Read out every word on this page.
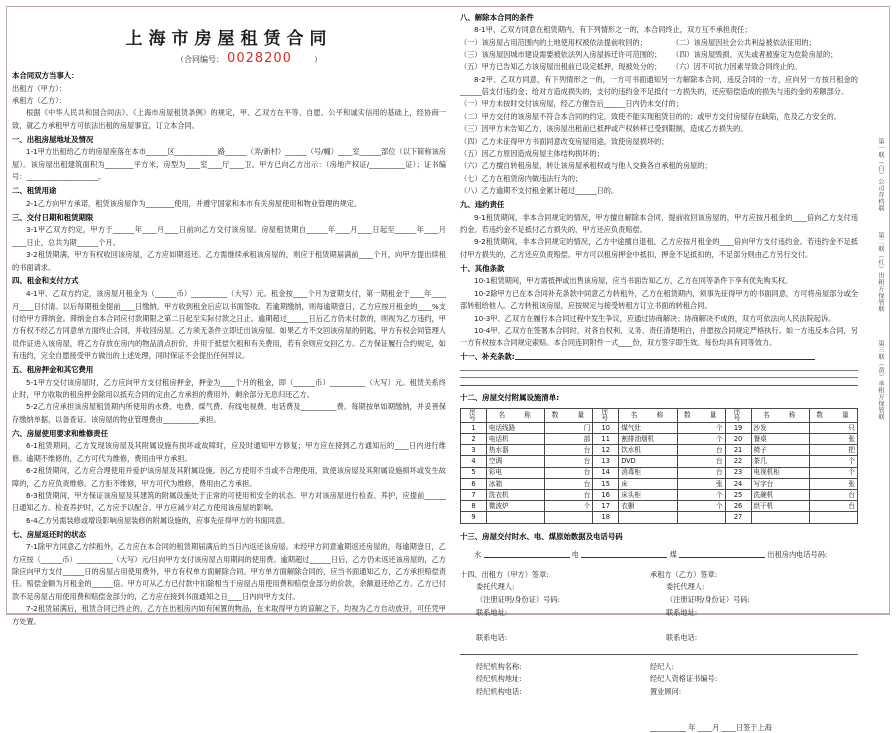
上海市房屋租赁合同
（合同编号： 0028200	）
本合同双方当事人：
出租方（甲方）：
承租方（乙方）：
根据《中华人民共和国合同法》、《上海市房屋租赁条例》的规定，甲、乙双方在平等、自愿、公平和诚实信用的基础上，经协商一致，就乙方承租甲方可依法出租的房屋事宜，订立本合同。
一、出租房屋地址及情况
1-1甲方出租给乙方的房屋座落在本市______区____________路______（弄/新村）______（号/幢）____室______部位（以下简称该房屋）。该房屋出租建筑面积为________平方米，房型为____室____厅____卫。甲方已向乙方出示：（房地产权证/__________证）；证书编号：____________________。
二、租赁用途
2-1乙方向甲方承诺，租赁该房屋作为________使用，并遵守国家和本市有关房屋使用和物业管理的规定。
三、交付日期和租赁期限
3-1甲乙双方约定，甲方于______年____月____日前向乙方交付该房屋。房屋租赁期自______年____月____日起至______年____月____日止，总共为期______个月。
3-2租赁期满，甲方有权收回该房屋，乙方应如期返还。乙方需继续承租该房屋的，则应于租赁期届满前____个月，向甲方提出续租的书面请求。
四、租金和支付方式
4-1甲、乙双方约定，该房屋月租金为（______币）__________（大写）元。租金按____个月为壹期支付，第一期租金于____年____月____日付清。以后每期租金提前____日缴纳，甲方收到租金后应以书面签收。若逾期缴纳，则每逾期壹日，乙方应按月租金的____%支付给甲方滞纳金。滞纳金自本合同应付款期限之第二日起至实际付款之日止。逾期超过______日后乙方仍未付款的，则视为乙方违约，甲方有权不经乙方同意单方面终止合同，并收回房屋。乙方须无条件立即迁出该房屋。如果乙方不交回该房屋的钥匙，甲方有权会同管理人员作证进入该房屋，将乙方存放在房内的物品清点折价，并用于抵偿欠租和有关费用，若有余则应交回乙方。乙方保证履行合约规定，如有违约，完全自愿接受甲方做出的上述处理，同时保证不会提出任何异议。
五、租房押金和其它费用
5-1甲方交付该房屋时，乙方应向甲方支付租房押金，押金为____个月的租金，即（______币）__________（大写）元。租赁关系终止时，甲方收取的租房押金除用以抵充合同的定由乙方承担的费用外，剩余部分无息归还乙方。
5-2乙方应承担该房屋租赁期内所使用的水费、电费、煤气费、有线电视费、电话费及__________费。每期按单如期缴纳，并妥善保存缴纳单据，以备查证。该房屋的物业管理费由__________承担。
六、房屋使用要求和维修责任
6-1租赁期间，乙方发现该房屋及其附属设施有损坏或故障时，应及时通知甲方修复；甲方应在接到乙方通知后的____日内进行维修。逾期不维修的，乙方可代为维修，费用由甲方承担。
6-2租赁期间，乙方应合理使用并爱护该房屋及其附属设施。因乙方使用不当或不合理使用，致使该房屋及其附属设施损坏或发生故障的，乙方应负责维修。乙方拒不维修，甲方可代为维修，费用由乙方承担。
6-3租赁期间，甲方保证该房屋及其建筑的附属设施处于正常的可使用和安全的状态。甲方对该房屋进行检查、养护，应提前______日通知乙方。检查养护时，乙方应予以配合。甲方应减少对乙方使用该房屋的影响。
6-4乙方另需装修或增设影响房屋装修的附属设施的，应事先征得甲方的书面同意。
七、房屋返还时的状态
7-1除甲方同意乙方续租外，乙方应在本合同的租赁期届满后的当日内返还该房屋。未经甲方同意逾期返还房屋的，每逾期壹日，乙方应按（______币）__________（大写）元/日向甲方支付该房屋占用期间的使用费。逾期超过______日后，乙方仍未返还该房屋的，乙方除应向甲方支付______日的房屋占用使用费外，甲方有权单方面解除合同。甲方单方面解除合同的，应当书面通知乙方，乙方承担赔偿责任。赔偿金额为月租金的______倍。甲方可从乙方已付款中扣除相当于房屋占用使用费和赔偿金部分的价款，余额退还给乙方。乙方已付款不足房屋占用使用费和赔偿金部分的，乙方应在接到书面通知之日____日内向甲方支付。
7-2租赁届满后，租赁合同已终止的，乙方在出租房内如有闲置的物品，在未取得甲方的谅解之下，均视为乙方自动放开，可任凭甲方处置。
八、解除本合同的条件
8-1甲、乙双方同意在租赁期内，有下列情形之一的，本合同终止，双方互不承担责任；
（一）该房屋占用范围内的土地使用权被依法提前收回的；	（二）该房屋因社会公共利益被依法征用的；
（三）该房屋因城市建设需要被依法列入房屋拆迁许可范围的； （四）该房屋毁损、灭失或者被鉴定为危险房屋的；
（五）甲方已告知乙方该房屋出租前已设定抵押，现被处分的； （六）因不可抗力因素导致合同终止的。
8-2甲、乙双方同意，有下列情形之一的，一方可书面通知另一方解除本合同，违反合同的一方，应向另一方按月租金的______倍支付违约金；给对方造成损失的，支付的违约金不足抵付一方损失的，还应赔偿造成的损失与违约金的差额部分。
（一）甲方未按时交付该房屋，经乙方催告后______日内仍未交付的；
（二）甲方交付的该房屋不符合本合同的约定，致使不能实现租赁目的的；或甲方交付房屋存在缺陷，危及乙方安全的。
（三）因甲方未告知乙方，该房屋出租前已抵押或产权转移已受到限制，造成乙方损失的。
（四）乙方未征得甲方书面同意改变房屋用途，致使房屋损坏的；
（五）因乙方原因造成房屋主体结构损坏的；
（六）乙方擅自转租房屋，转让该房屋承租权或与他人交换各自承租的房屋的；
（七）乙方在租赁房内做违法行为的；
（八）乙方逾期不支付租金累计超过______日的。
九、违约责任
9-1租赁期间，非本合同规定的情况，甲方擅自解除本合同，提前收回该房屋的，甲方应按月租金的____倍向乙方支付违约金。若违约金不足抵付乙方损失的，甲方还应负责赔偿。
9-2租赁期间，非本合同规定的情况，乙方中途擅自退租，乙方应按月租金的____倍向甲方支付违约金。若违约金不足抵付甲方损失的，乙方还应负责赔偿。甲方可以租房押金中抵扣，押金不足抵扣的，不足部分则由乙方另行交付。
十、其他条款
10-1租赁期间，甲方需抵押或出售该房屋，应当书面告知乙方，乙方在同等条件下享有优先购买权。
10-2除甲方已在本合同补充条款中同意乙方转租外，乙方在租赁期内，须事先征得甲方的书面同意，方可将房屋部分或全部转租给他人。乙方转租该房屋，应按规定与接受转租方订立书面的转租合同。
10-3甲、乙双方在履行本合同过程中发生争议，应通过协商解决；协商解决不成的，双方可依法向人民法院起诉。
10-4甲、乙双方在签署本合同时，对各自权利、义务、责任清楚明白，并愿按合同规定严格执行。如一方违反本合同，另一方有权按本合同规定索赔。本合同连同附件一式____份，双方签字即生效。每份均具有同等效力。
十一、补充条款:
十二、房屋交付附属设施清单:
序　号	名　　称	数　　量	序　号	名　　称	数　　量	序　号	名　　称	数　　量
1	电话线路	门	10	煤气灶	个	19	沙发	只
2	电话机	部	11	割排油烟机	个	20	餐桌	张
3	热水器	台	12	饮水机	台	21	椅子	把
4	空调	台	13	DVD	台	22	茶几	个
5	彩电	台	14	消毒柜	台	23	电视机柜	个
6	冰箱	台	15	床	张	24	写字台	张
7	洗衣机	台	16	床头柜	个	25	洗碗机	台
8	微波炉	个	17	衣橱	个	26	烘干机	台
9			18			27		
十三、房屋交付时水、电、煤原始数据及电话号码
水	电	煤	出租房内电话号码:
十四、出租方（甲方）签章:
委托代理人:
（注册证明/身份证）号码:
联系地址:
联系电话:
承租方（乙方）签章:
委托代理人:
（注册证明/身份证）号码:
联系地址:
联系电话:
经纪机构名称:
经纪机构地址:
经纪机构电话:
经纪人:
经纪人资格证书编号:
置业顾问:
__________ 年 ____月 ____日签于上海
第一联（白）公司存档联
第二联（红）出租方保管联
第三联（黄）承租方保管联
